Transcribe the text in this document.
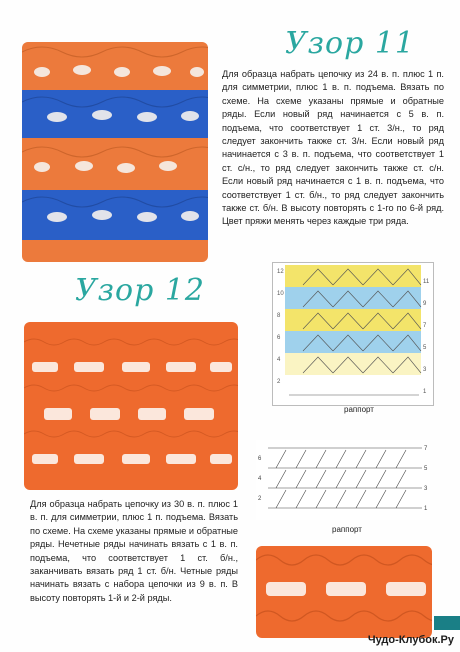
Узор 11
Для образца набрать цепочку из 24 в. п. плюс 1 п. для симметрии, плюс 1 в. п. подъема. Вязать по схеме. На схеме указаны прямые и обратные ряды. Если новый ряд начинается с 5 в. п. подъема, что соответствует 1 ст. 3/н., то ряд следует закончить также ст. 3/н. Если новый ряд начинается с 3 в. п. подъема, что соответствует 1 ст. с/н., то ряд следует закончить также ст. с/н. Если новый ряд начинается с 1 в. п. подъема, что соответствует 1 ст. б/н., то ряд следует закончить также ст. б/н. В высоту повторять с 1-го по 6-й ряд. Цвет пряжи менять через каждые три ряда.
12
10
8
6
4
2
11
9
7
5
3
1
раппорт
Узор 12
6
4
2
7
5
3
1
раппорт
Для образца набрать цепочку из 30 в. п. плюс 1 в. п. для симметрии, плюс 1 п. подъема. Вязать по схеме. На схеме указаны прямые и обратные ряды. Нечетные ряды начинать вязать с 1 в. п. подъема, что соответствует 1 ст. б/н., заканчивать вязать ряд 1 ст. б/н. Четные ряды начинать вязать с набора цепочки из 9 в. п. В высоту повторять 1-й и 2-й ряды.
Чудо-Клубок.Ру
